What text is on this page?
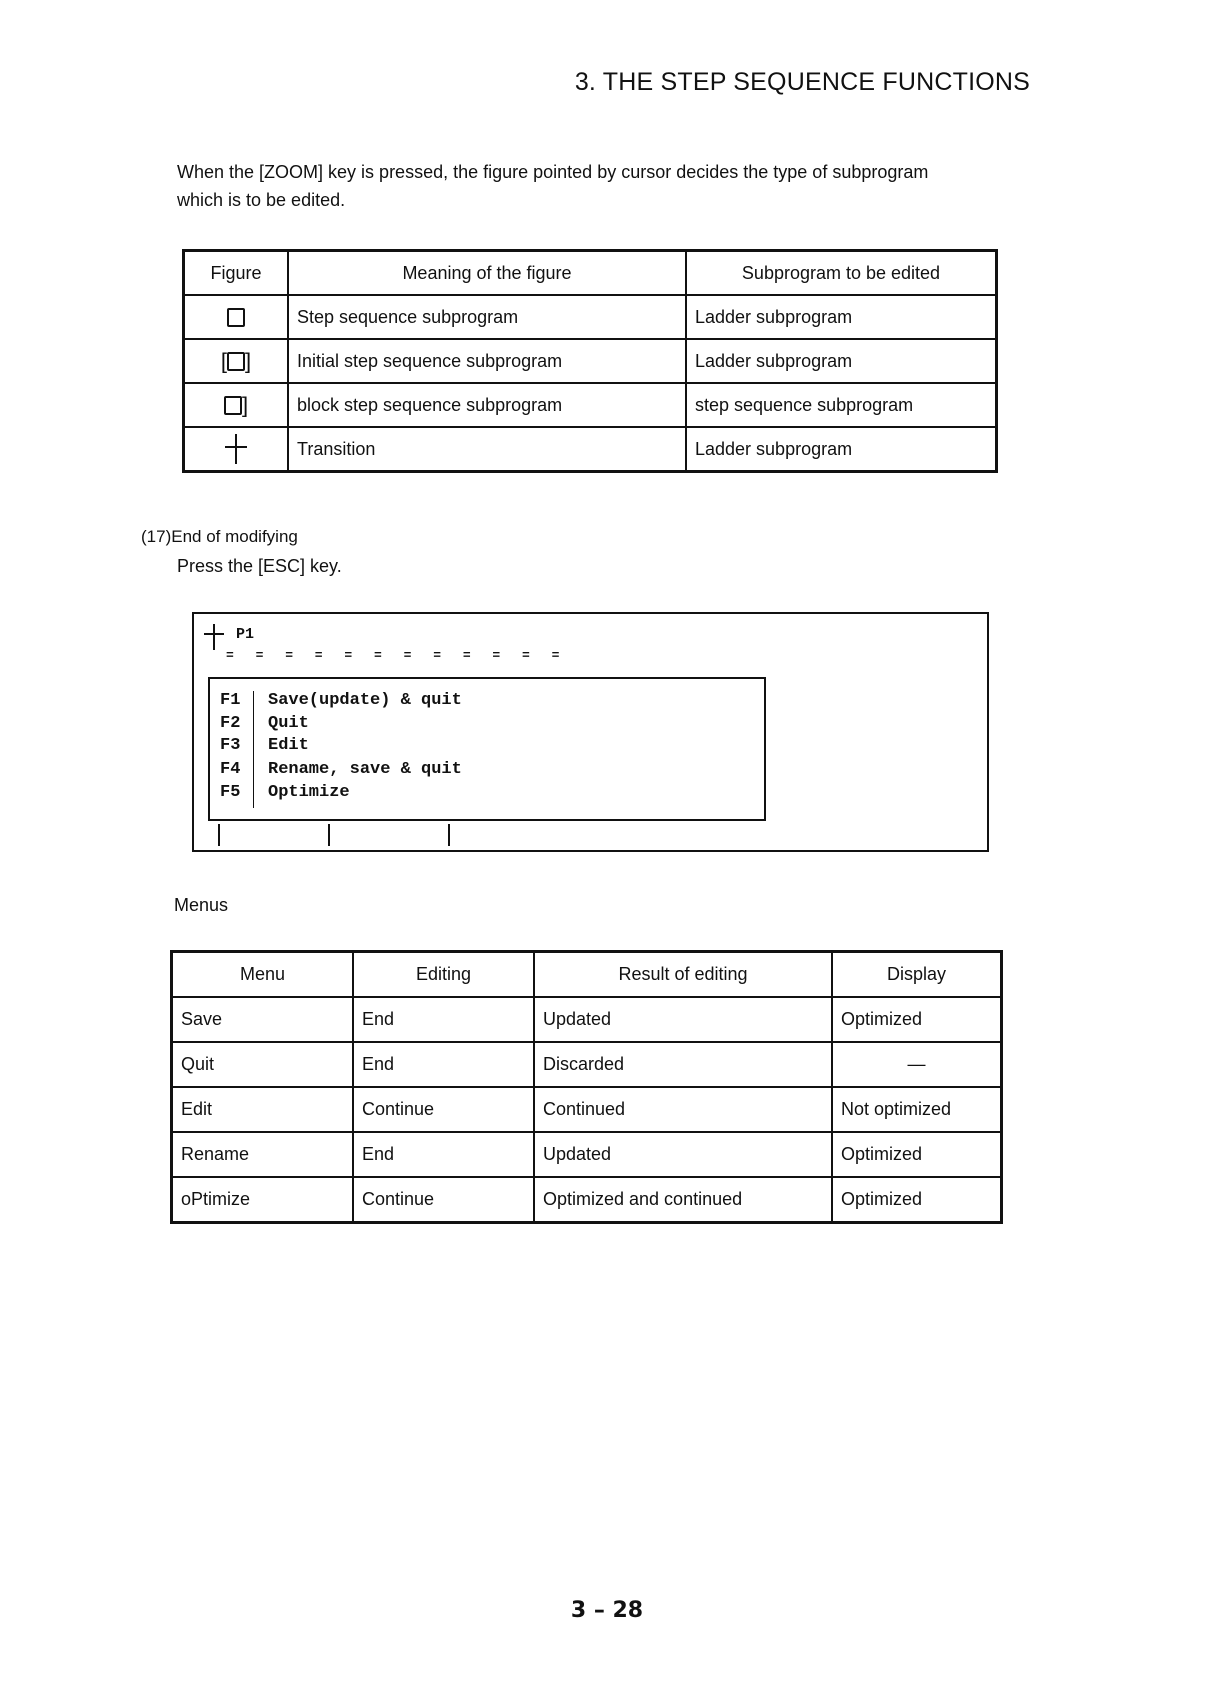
3. THE STEP SEQUENCE FUNCTIONS
When the [ZOOM] key is pressed, the figure pointed by cursor decides the type of subprogram
which is to be edited.
Figure	Meaning of the figure	Subprogram to be edited
	Step sequence subprogram	Ladder subprogram
[ ]	Initial step sequence subprogram	Ladder subprogram
]	block step sequence subprogram	step sequence subprogram
	Transition	Ladder subprogram
(17)End of modifying
Press the [ESC] key.
P1
= = = = = = = = = = = =
F1	Save(update) & quit
F2	Quit
F3	Edit
F4	Rename, save & quit
F5	Optimize
Menus
Menu	Editing	Result of editing	Display
Save	End	Updated	Optimized
Quit	End	Discarded	—
Edit	Continue	Continued	Not optimized
Rename	End	Updated	Optimized
oPtimize	Continue	Optimized and continued	Optimized
3 – 28
